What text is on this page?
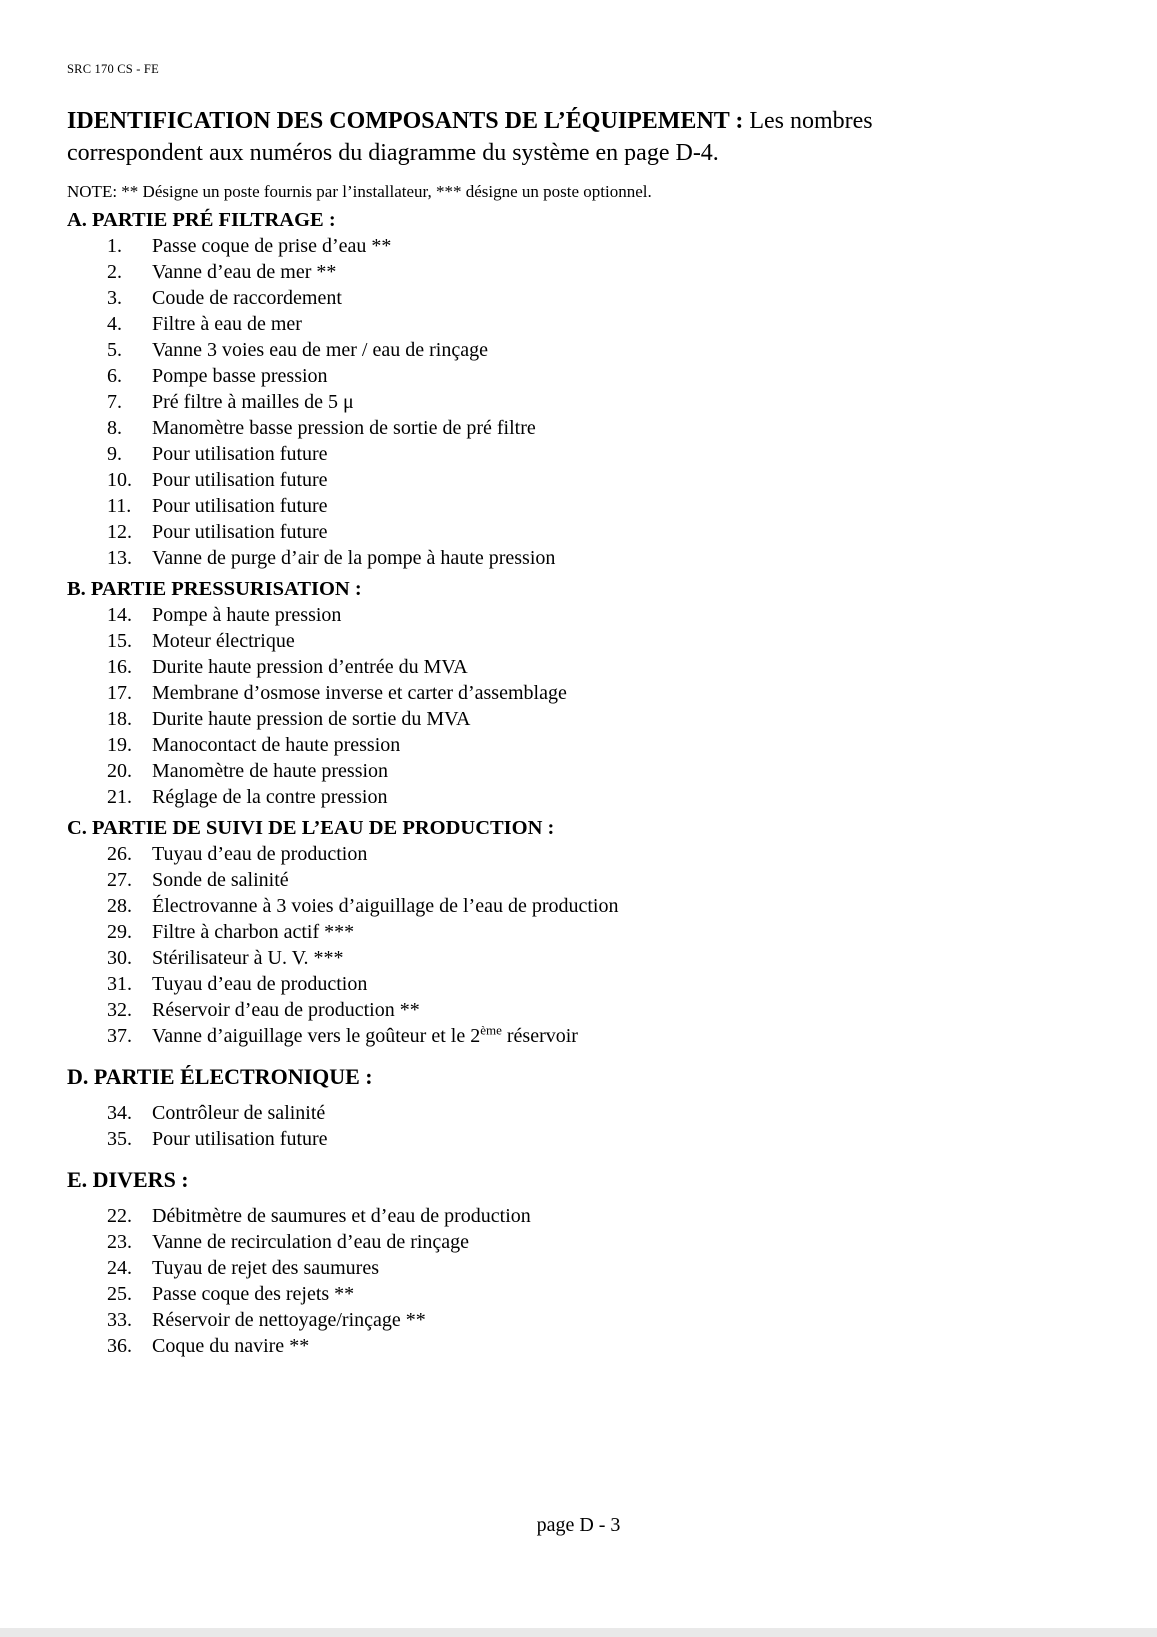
SRC 170 CS - FE

IDENTIFICATION DES COMPOSANTS DE L’ÉQUIPEMENT : Les nombres correspondent aux numéros du diagramme du système en page D-4.

NOTE: ** Désigne un poste fournis par l’installateur, *** désigne un poste optionnel.

A. PARTIE PRÉ FILTRAGE :
1.	Passe coque de prise d’eau **
2.	Vanne d’eau de mer **
3.	Coude de raccordement
4.	Filtre à eau de mer
5.	Vanne 3 voies eau de mer / eau de rinçage
6.	Pompe basse pression
7.	Pré filtre à mailles de 5 μ
8.	Manomètre basse pression de sortie de pré filtre
9.	Pour utilisation future
10.	Pour utilisation future
11.	Pour utilisation future
12.	Pour utilisation future
13.	Vanne de purge d’air de la pompe à haute pression
B. PARTIE PRESSURISATION :
14.	Pompe à haute pression
15.	Moteur électrique
16.	Durite haute pression d’entrée du MVA
17.	Membrane d’osmose inverse et carter d’assemblage
18.	Durite haute pression de sortie du MVA
19.	Manocontact de haute pression
20.	Manomètre de haute pression
21.	Réglage de la contre pression
C. PARTIE DE SUIVI DE L’EAU DE PRODUCTION :
26.	Tuyau d’eau de production
27.	Sonde de salinité
28.	Électrovanne à 3 voies d’aiguillage de l’eau de production
29.	Filtre à charbon actif ***
30.	Stérilisateur à U. V. ***
31.	Tuyau d’eau de production
32.	Réservoir d’eau de production **
37.	Vanne d’aiguillage vers le goûteur et le 2ème réservoir
D. PARTIE ÉLECTRONIQUE :
34.	Contrôleur de salinité
35.	Pour utilisation future
E. DIVERS :
22.	Débitmètre de saumures et d’eau de production
23.	Vanne de recirculation d’eau de rinçage
24.	Tuyau de rejet des saumures
25.	Passe coque des rejets **
33.	Réservoir de nettoyage/rinçage **
36.	Coque du navire **
page D - 3
